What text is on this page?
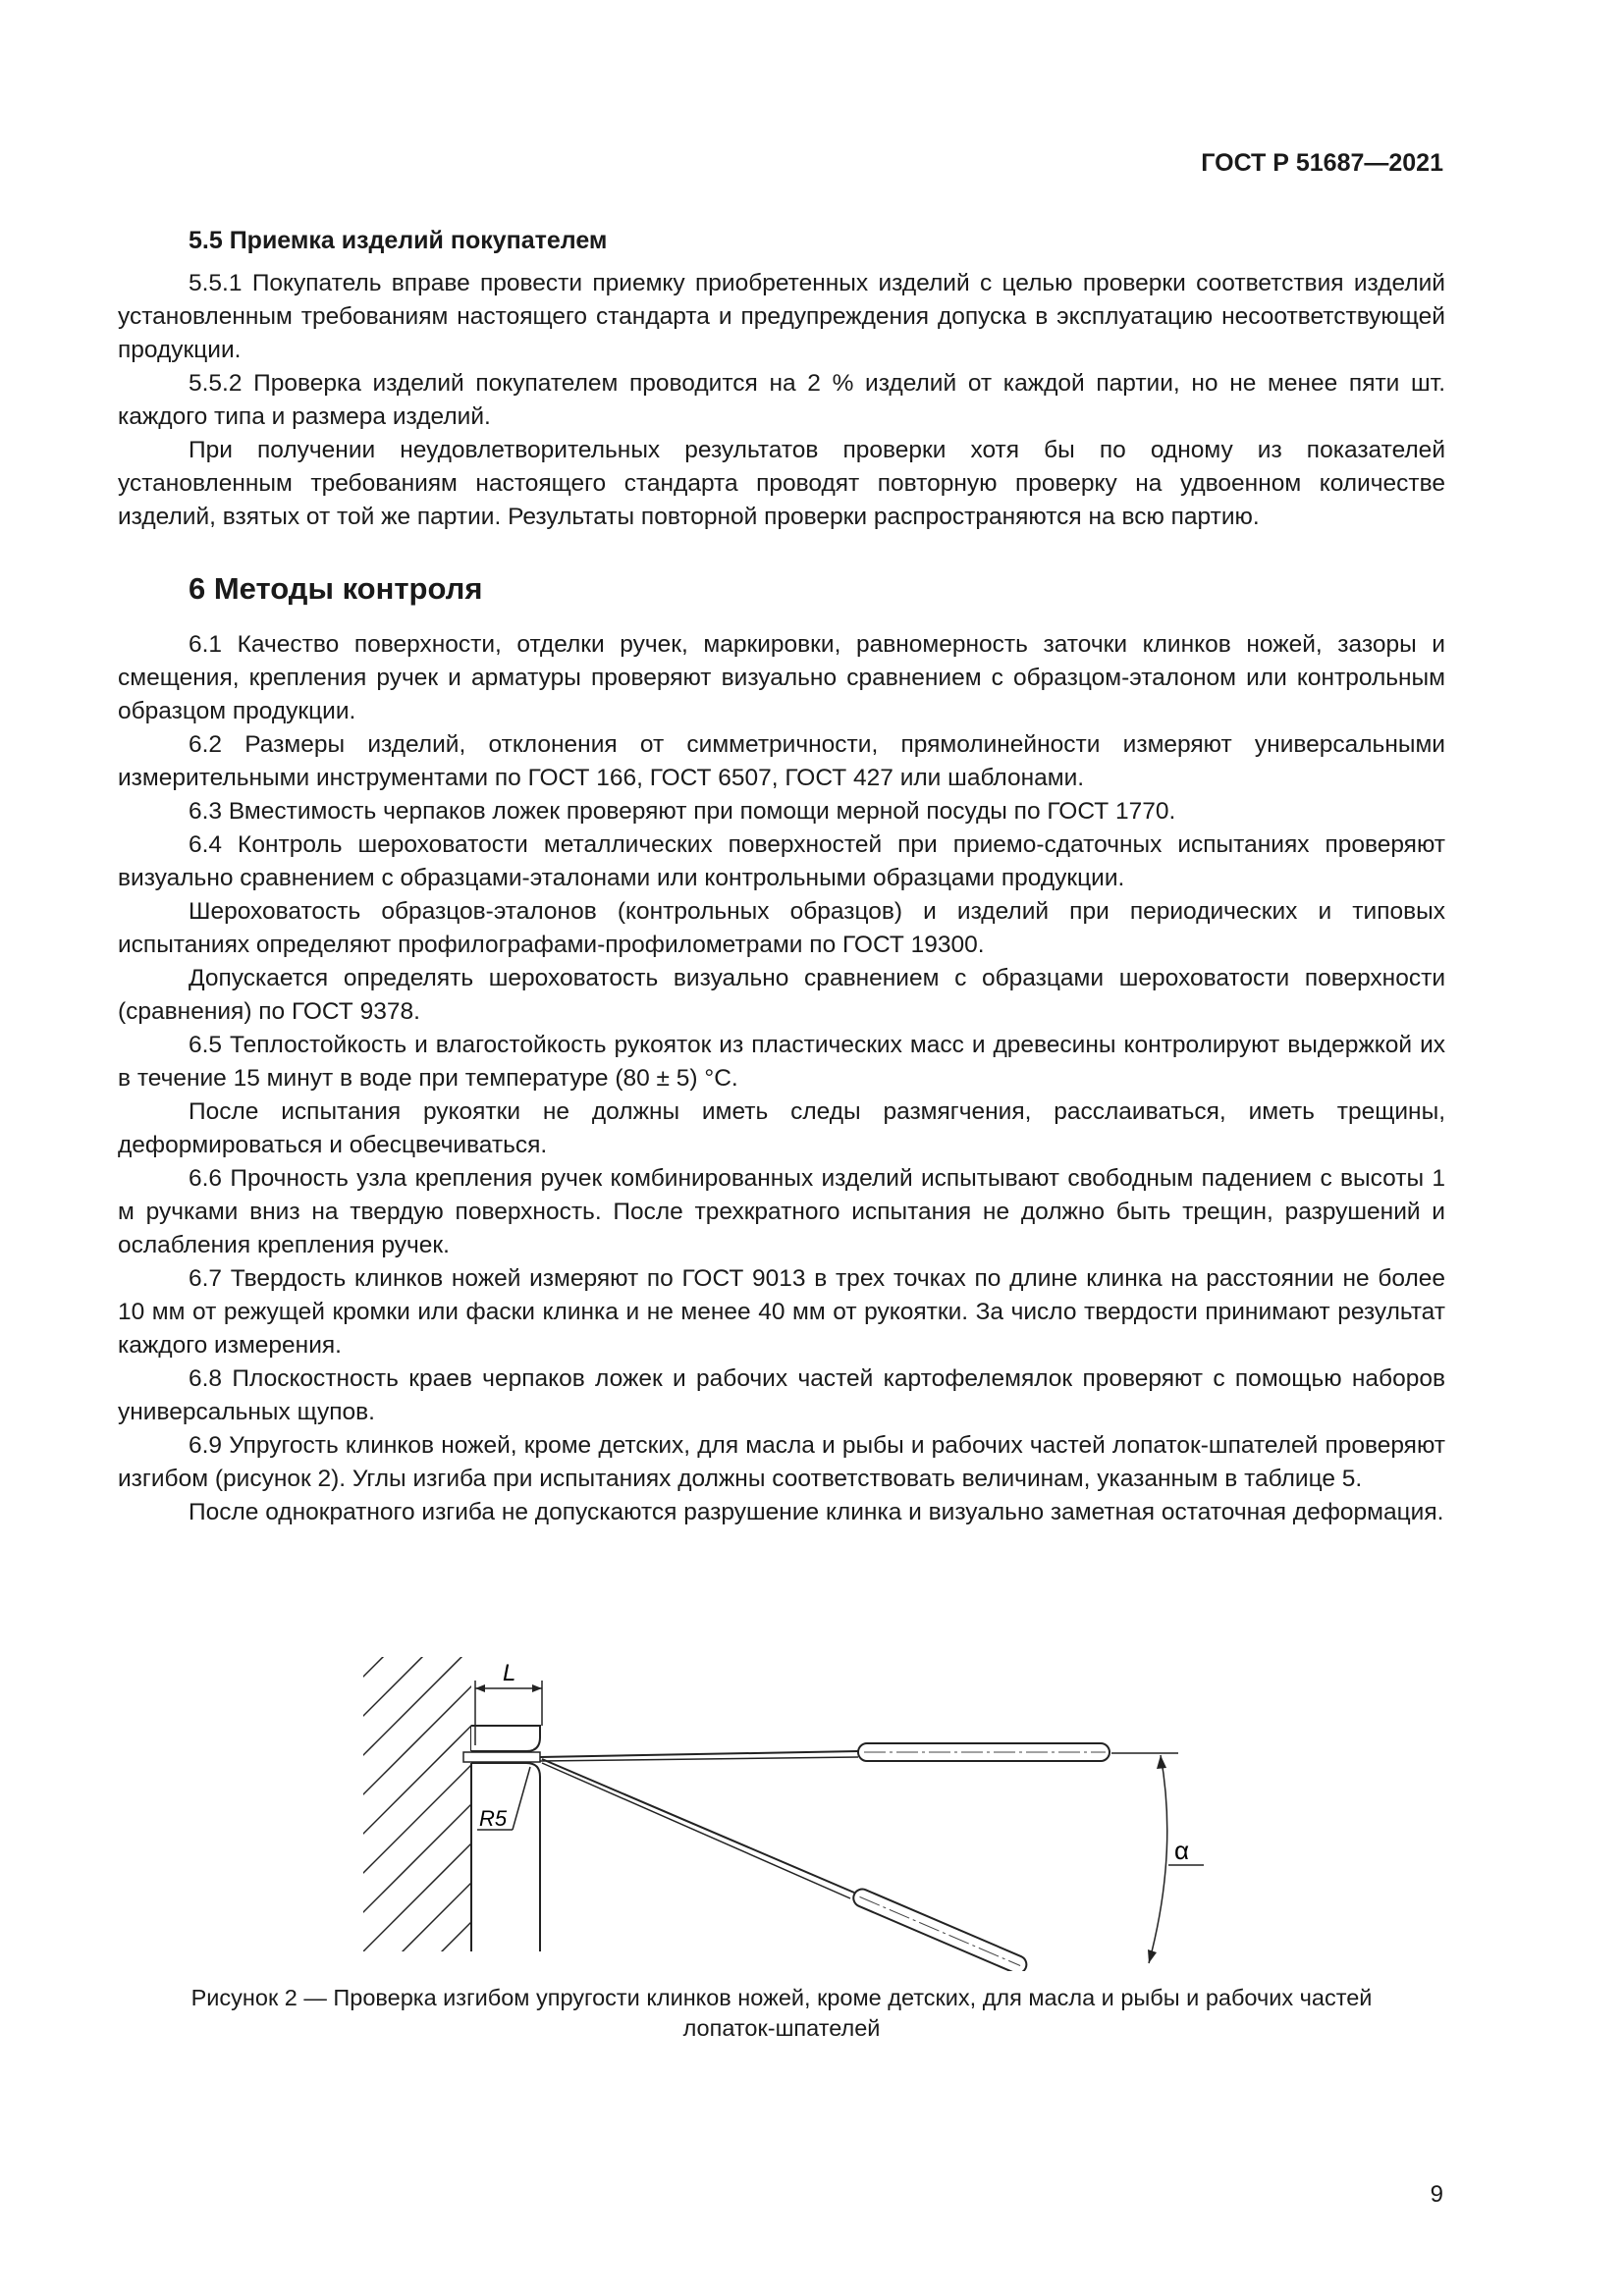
ГОСТ Р 51687—2021
5.5 Приемка изделий покупателем

5.5.1 Покупатель вправе провести приемку приобретенных изделий с целью проверки соответствия изделий установленным требованиям настоящего стандарта и предупреждения допуска в эксплуатацию несоответствующей продукции.

5.5.2 Проверка изделий покупателем проводится на 2 % изделий от каждой партии, но не менее пяти шт. каждого типа и размера изделий.

При получении неудовлетворительных результатов проверки хотя бы по одному из показателей установленным требованиям настоящего стандарта проводят повторную проверку на удвоенном количестве изделий, взятых от той же партии. Результаты повторной проверки распространяются на всю партию.

6 Методы контроля

6.1 Качество поверхности, отделки ручек, маркировки, равномерность заточки клинков ножей, зазоры и смещения, крепления ручек и арматуры проверяют визуально сравнением с образцом-эталоном или контрольным образцом продукции.

6.2 Размеры изделий, отклонения от симметричности, прямолинейности измеряют универсальными измерительными инструментами по ГОСТ 166, ГОСТ 6507, ГОСТ 427 или шаблонами.

6.3 Вместимость черпаков ложек проверяют при помощи мерной посуды по ГОСТ 1770.

6.4 Контроль шероховатости металлических поверхностей при приемо-сдаточных испытаниях проверяют визуально сравнением с образцами-эталонами или контрольными образцами продукции.

Шероховатость образцов-эталонов (контрольных образцов) и изделий при периодических и типовых испытаниях определяют профилографами-профилометрами по ГОСТ 19300.

Допускается определять шероховатость визуально сравнением с образцами шероховатости поверхности (сравнения) по ГОСТ 9378.

6.5 Теплостойкость и влагостойкость рукояток из пластических масс и древесины контролируют выдержкой их в течение 15 минут в воде при температуре (80 ± 5) °С.

После испытания рукоятки не должны иметь следы размягчения, расслаиваться, иметь трещины, деформироваться и обесцвечиваться.

6.6 Прочность узла крепления ручек комбинированных изделий испытывают свободным падением с высоты 1 м ручками вниз на твердую поверхность. После трехкратного испытания не должно быть трещин, разрушений и ослабления крепления ручек.

6.7 Твердость клинков ножей измеряют по ГОСТ 9013 в трех точках по длине клинка на расстоянии не более 10 мм от режущей кромки или фаски клинка и не менее 40 мм от рукоятки. За число твердости принимают результат каждого измерения.

6.8 Плоскостность краев черпаков ложек и рабочих частей картофелемялок проверяют с помощью наборов универсальных щупов.

6.9 Упругость клинков ножей, кроме детских, для масла и рыбы и рабочих частей лопаток-шпателей проверяют изгибом (рисунок 2). Углы изгиба при испытаниях должны соответствовать величинам, указанным в таблице 5.

После однократного изгиба не допускаются разрушение клинка и визуально заметная остаточная деформация.

L
R5
α
Рисунок 2 — Проверка изгибом упругости клинков ножей, кроме детских, для масла и рыбы и рабочих частей
лопаток-шпателей
9
